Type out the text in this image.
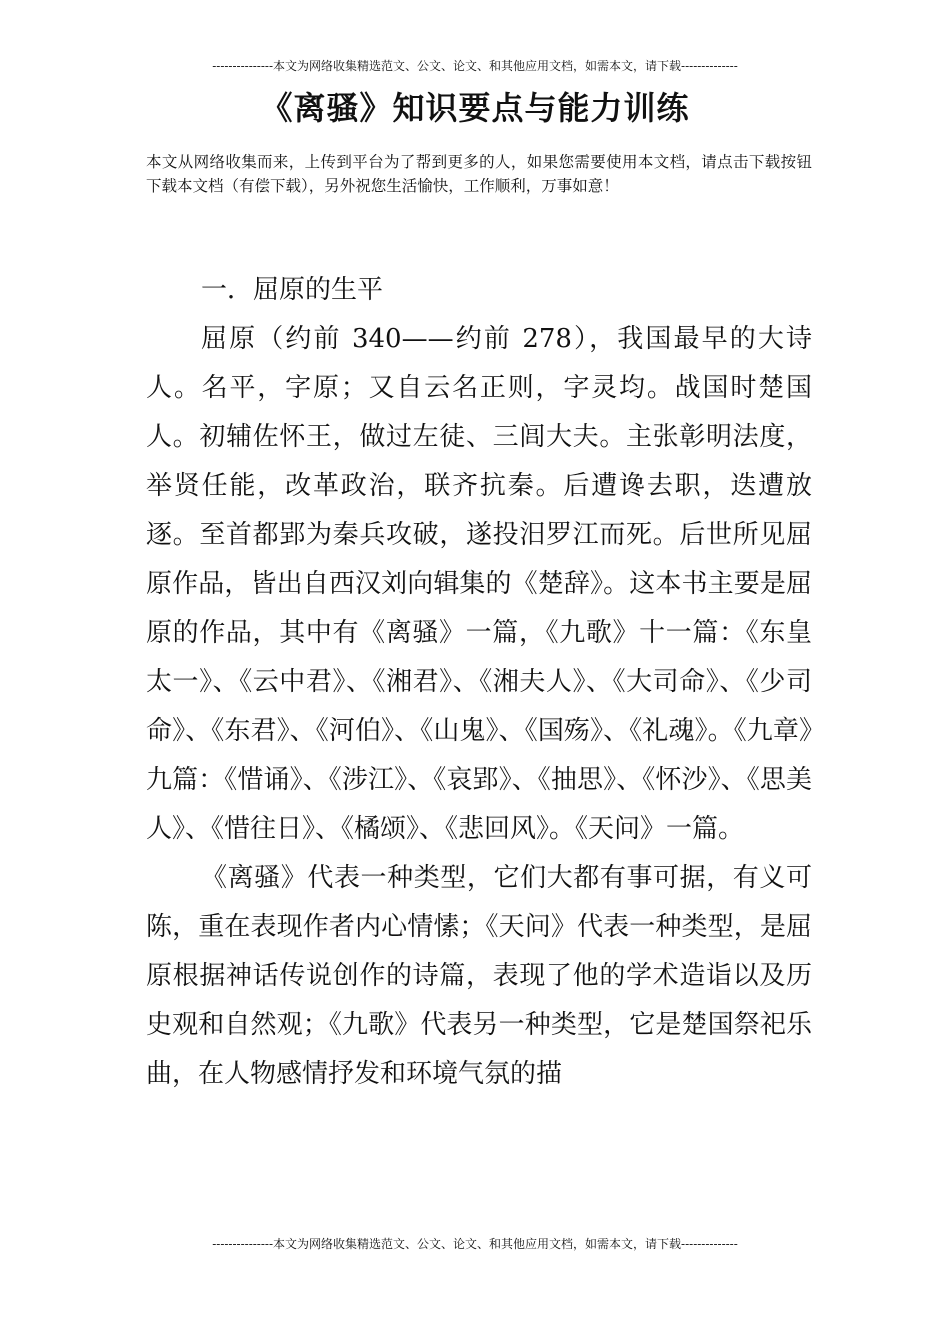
---------------本文为网络收集精选范文、公文、论文、和其他应用文档，如需本文，请下载--------------
《离骚》知识要点与能力训练
本文从网络收集而来，上传到平台为了帮到更多的人，如果您需要使用本文档，请点击下载按钮下载本文档（有偿下载），另外祝您生活愉快，工作顺利，万事如意！

一．屈原的生平

屈原（约前 340——约前 278），我国最早的大诗人。名平，字原；又自云名正则，字灵均。战国时楚国人。初辅佐怀王，做过左徒、三闾大夫。主张彰明法度，举贤任能，改革政治，联齐抗秦。后遭谗去职，迭遭放逐。至首都郢为秦兵攻破，遂投汨罗江而死。后世所见屈原作品，皆出自西汉刘向辑集的《楚辞》。这本书主要是屈原的作品，其中有《离骚》一篇，《九歌》十一篇：《东皇太一》、《云中君》、《湘君》、《湘夫人》、《大司命》、《少司命》、《东君》、《河伯》、《山鬼》、《国殇》、《礼魂》。《九章》九篇：《惜诵》、《涉江》、《哀郢》、《抽思》、《怀沙》、《思美人》、《惜往日》、《橘颂》、《悲回风》。《天问》一篇。

《离骚》代表一种类型，它们大都有事可据，有义可陈，重在表现作者内心情愫；《天问》代表一种类型，是屈原根据神话传说创作的诗篇，表现了他的学术造诣以及历史观和自然观；《九歌》代表另一种类型，它是楚国祭祀乐曲，在人物感情抒发和环境气氛的描

---------------本文为网络收集精选范文、公文、论文、和其他应用文档，如需本文，请下载--------------
